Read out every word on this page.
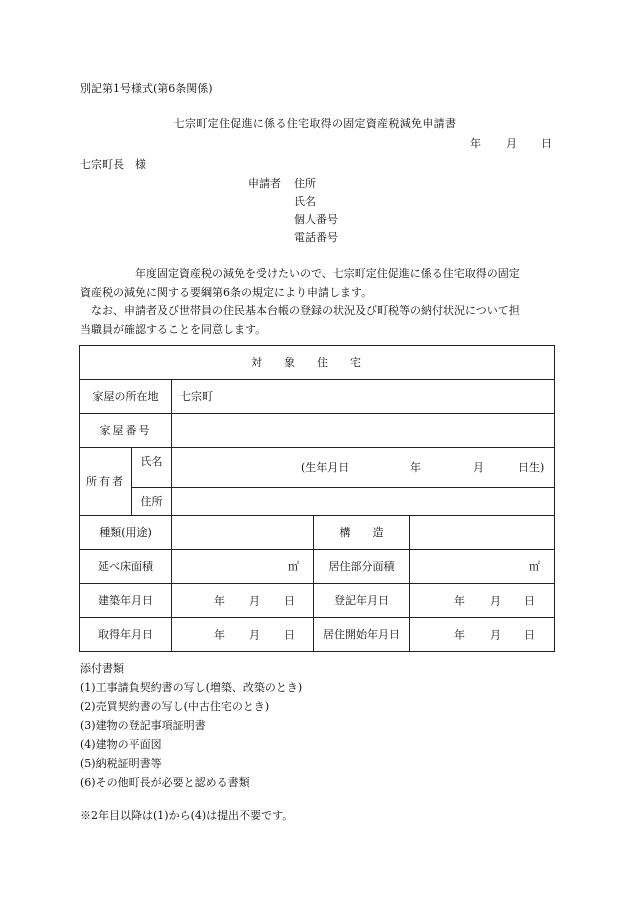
別記第1号様式(第6条関係)
七宗町定住促進に係る住宅取得の固定資産税減免申請書
年 月 日
七宗町長　様
申請者 住所
氏名
個人番号
電話番号
　　　　　年度固定資産税の減免を受けたいので、七宗町定住促進に係る住宅取得の固定
資産税の減免に関する要綱第6条の規定により申請します。
　なお、申請者及び世帯員の住民基本台帳の登録の状況及び町税等の納付状況について担
当職員が確認することを同意します。
対象住宅				
家屋の所在地		七宗町		
家屋番号				
所有者	氏名	(生年月日 年 月 日生)		

	住所			
種類(用途)			構　　造	
延べ床面積		㎡	居住部分面積	㎡
建築年月日		年 月 日	登記年月日	年 月 日

取得年月日		年 月 日	居住開始年月日	年 月 日
添付書類
(1)工事請負契約書の写し(増築、改築のとき)
(2)売買契約書の写し(中古住宅のとき)
(3)建物の登記事項証明書
(4)建物の平面図
(5)納税証明書等
(6)その他町長が必要と認める書類
※2年目以降は(1)から(4)は提出不要です。
